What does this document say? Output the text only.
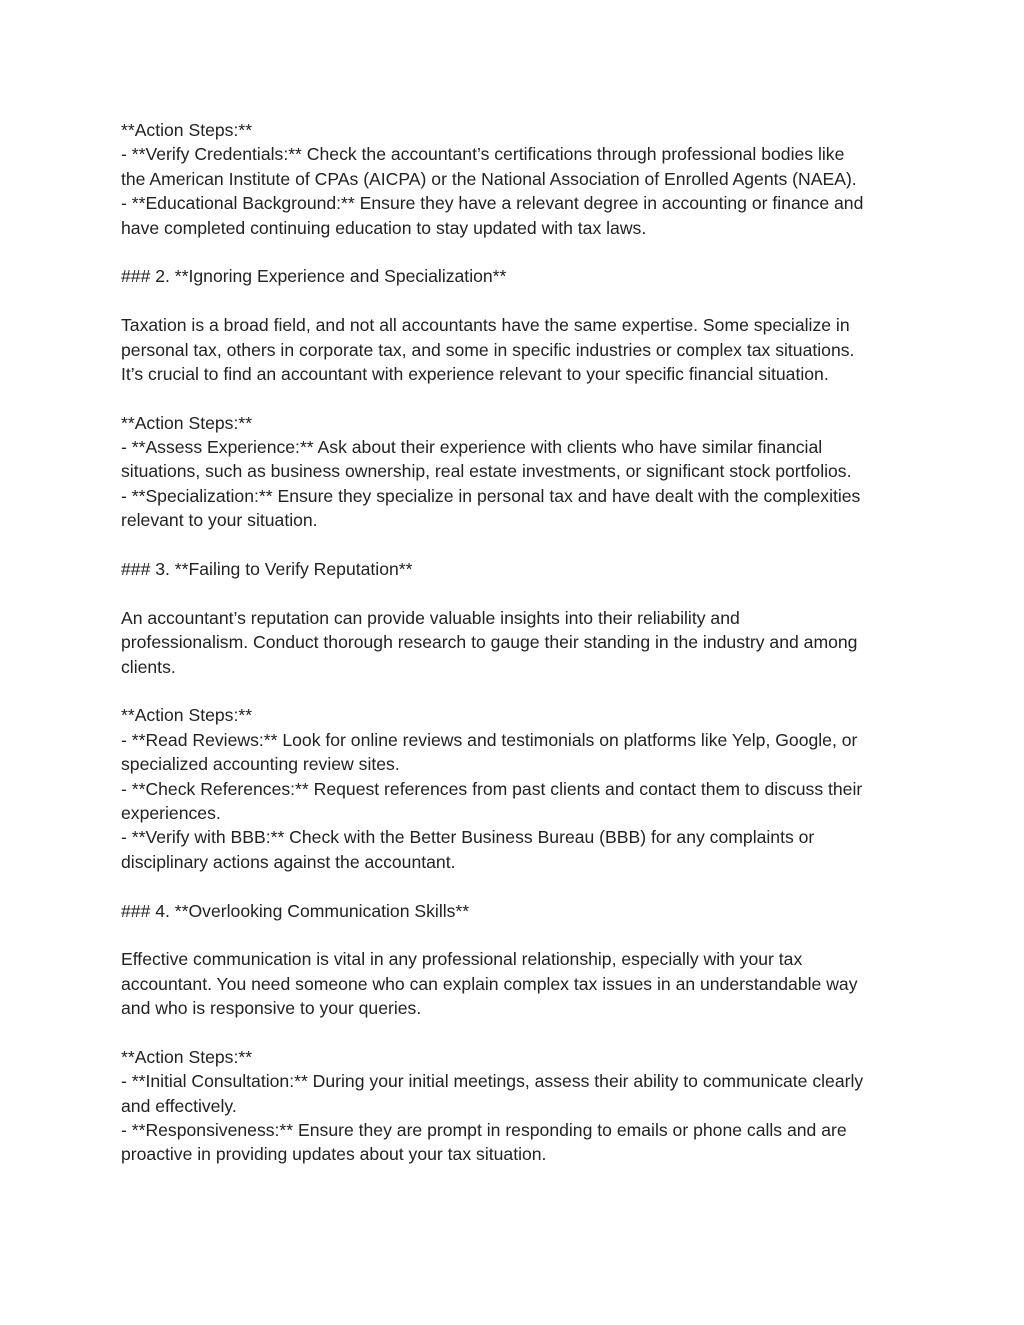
**Action Steps:**
- **Verify Credentials:** Check the accountant’s certifications through professional bodies like
the American Institute of CPAs (AICPA) or the National Association of Enrolled Agents (NAEA).
- **Educational Background:** Ensure they have a relevant degree in accounting or finance and
have completed continuing education to stay updated with tax laws.
### 2. **Ignoring Experience and Specialization**
Taxation is a broad field, and not all accountants have the same expertise. Some specialize in
personal tax, others in corporate tax, and some in specific industries or complex tax situations.
It’s crucial to find an accountant with experience relevant to your specific financial situation.
**Action Steps:**
- **Assess Experience:** Ask about their experience with clients who have similar financial
situations, such as business ownership, real estate investments, or significant stock portfolios.
- **Specialization:** Ensure they specialize in personal tax and have dealt with the complexities
relevant to your situation.
### 3. **Failing to Verify Reputation**
An accountant’s reputation can provide valuable insights into their reliability and
professionalism. Conduct thorough research to gauge their standing in the industry and among
clients.
**Action Steps:**
- **Read Reviews:** Look for online reviews and testimonials on platforms like Yelp, Google, or
specialized accounting review sites.
- **Check References:** Request references from past clients and contact them to discuss their
experiences.
- **Verify with BBB:** Check with the Better Business Bureau (BBB) for any complaints or
disciplinary actions against the accountant.
### 4. **Overlooking Communication Skills**
Effective communication is vital in any professional relationship, especially with your tax
accountant. You need someone who can explain complex tax issues in an understandable way
and who is responsive to your queries.
**Action Steps:**
- **Initial Consultation:** During your initial meetings, assess their ability to communicate clearly
and effectively.
- **Responsiveness:** Ensure they are prompt in responding to emails or phone calls and are
proactive in providing updates about your tax situation.
